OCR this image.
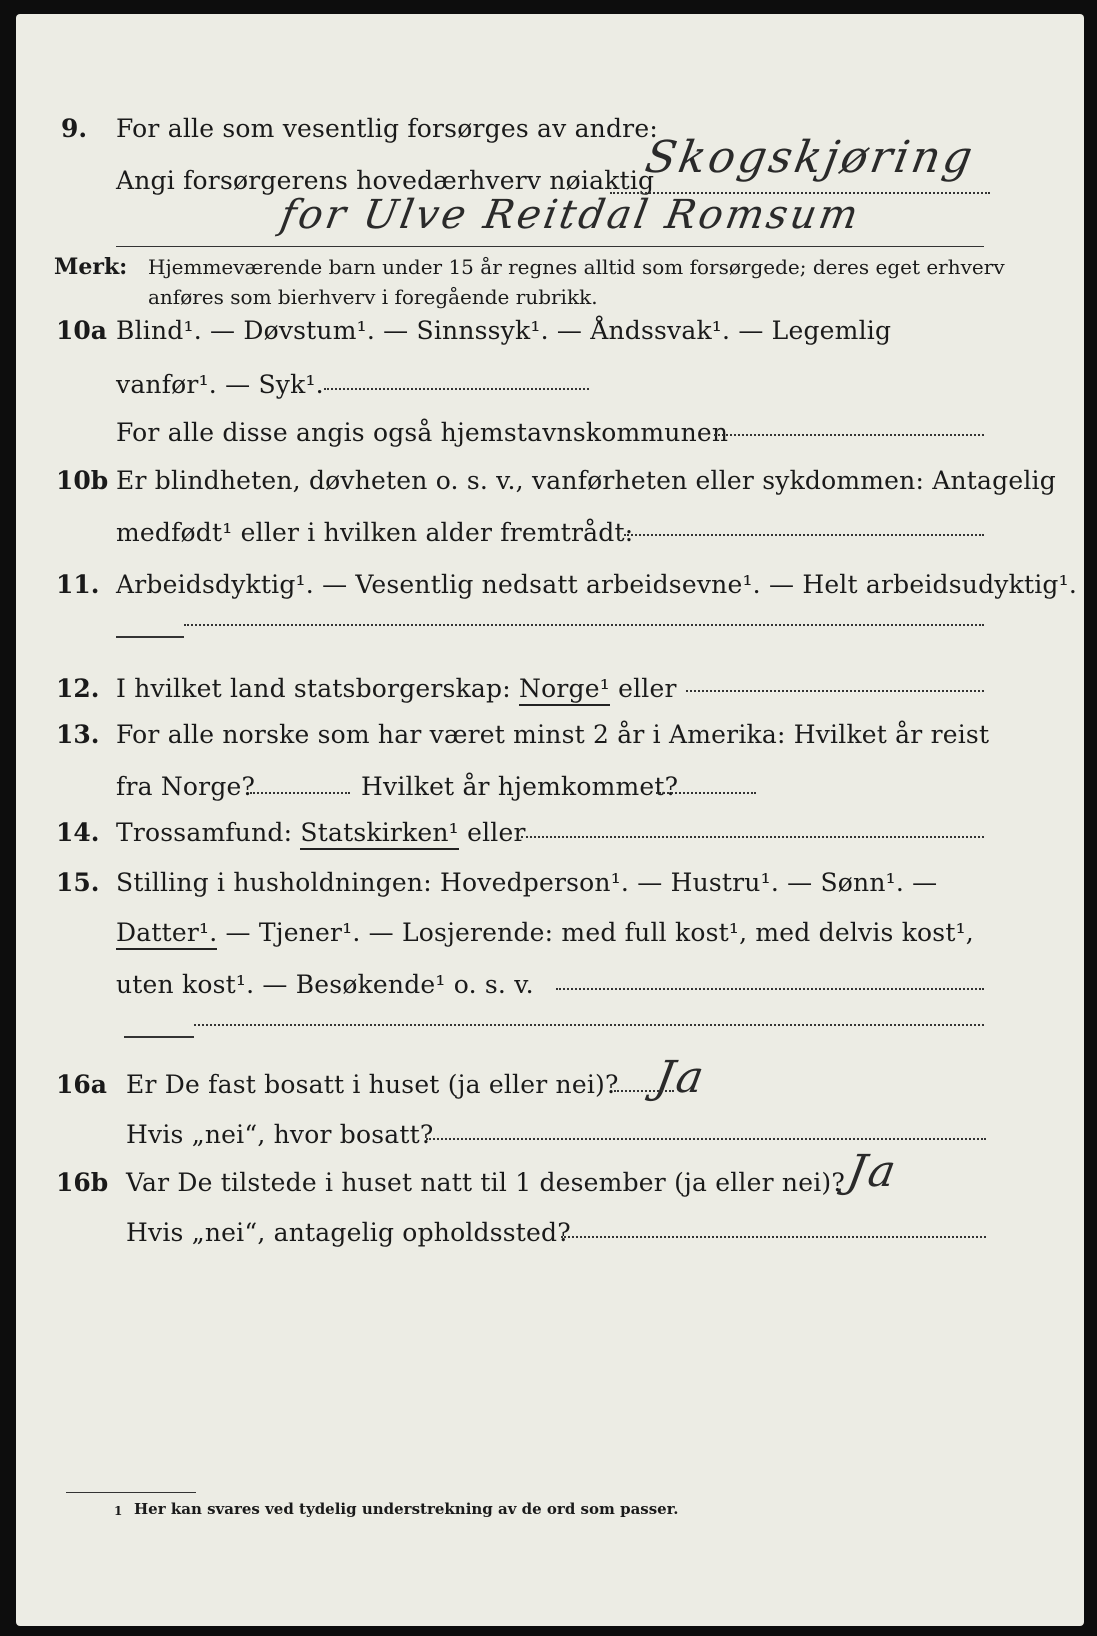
9. For alle som vesentlig forsørges av andre:
Angi forsørgerens hovedærhverv nøiaktig
Skogskjøring
for Ulve Reitdal Romsum
Merk: Hjemmeværende barn under 15 år regnes alltid som forsørgede; deres eget erhverv
anføres som bierhverv i foregående rubrikk.
10a Blind¹. — Døvstum¹. — Sinnssyk¹. — Åndssvak¹. — Legemlig
vanfør¹. — Syk¹.
For alle disse angis også hjemstavnskommunen
10b Er blindheten, døvheten o. s. v., vanførheten eller sykdommen: Antagelig
medfødt¹ eller i hvilken alder fremtrådt:
11. Arbeidsdyktig¹. — Vesentlig nedsatt arbeidsevne¹. — Helt arbeidsudyktig¹.
12. I hvilket land statsborgerskap: Norge¹ eller
13. For alle norske som har været minst 2 år i Amerika: Hvilket år reist
fra Norge?	Hvilket år hjemkommet?
14. Trossamfund: Statskirken¹ eller
15. Stilling i husholdningen: Hovedperson¹. — Hustru¹. — Sønn¹. —
Datter¹. — Tjener¹. — Losjerende: med full kost¹, med delvis kost¹,
uten kost¹. — Besøkende¹ o. s. v.
16a Er De fast bosatt i huset (ja eller nei)? Ja
Hvis „nei“, hvor bosatt?
16b Var De tilstede i huset natt til 1 desember (ja eller nei)?
Ja
Hvis „nei“, antagelig opholdssted?
1 Her kan svares ved tydelig understrekning av de ord som passer.
